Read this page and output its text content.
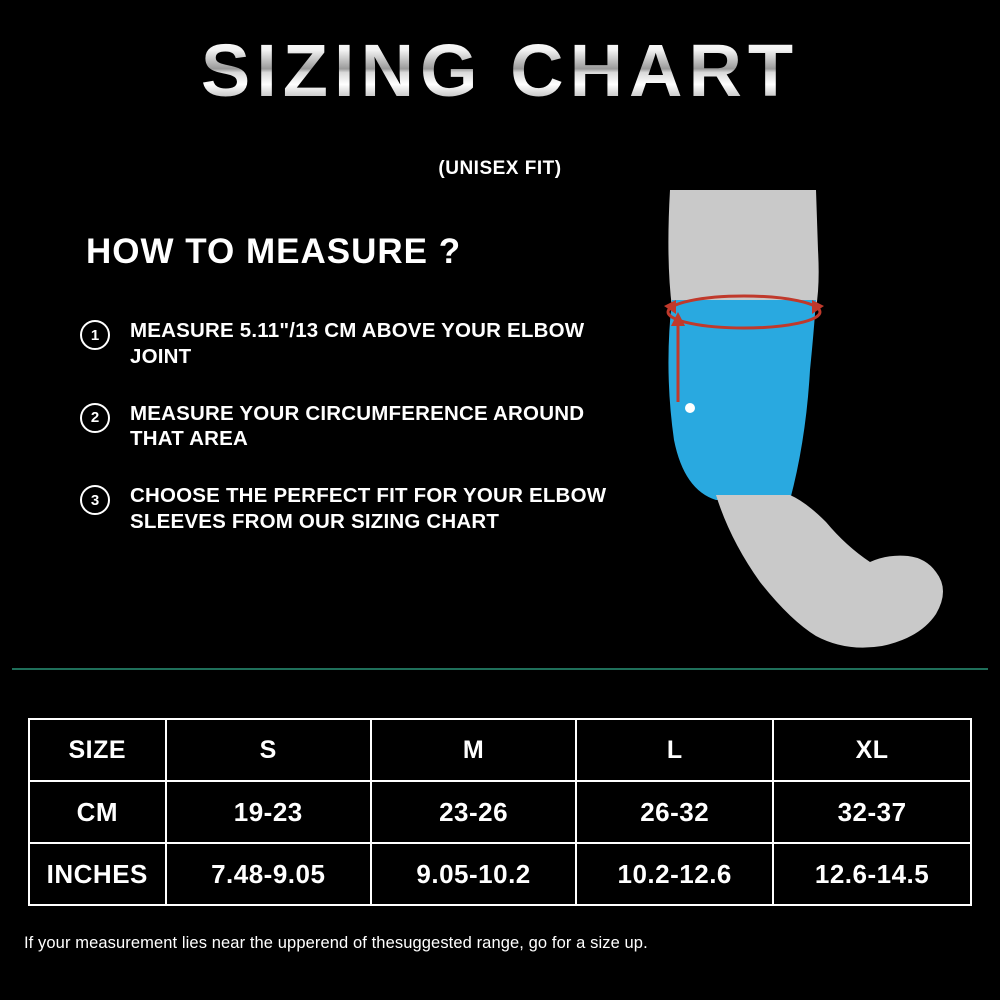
SIZING CHART
(UNISEX FIT)
HOW TO MEASURE ?
1	MEASURE 5.11"/13 CM ABOVE YOUR ELBOW JOINT
2	MEASURE YOUR CIRCUMFERENCE AROUND THAT AREA
3	CHOOSE THE PERFECT FIT FOR YOUR ELBOW SLEEVES FROM OUR SIZING CHART
SIZE	S	M	L	XL
CM	19-23	23-26	26-32	32-37
INCHES	7.48-9.05	9.05-10.2	10.2-12.6	12.6-14.5
If your measurement lies near the upperend of thesuggested range, go for a size up.
